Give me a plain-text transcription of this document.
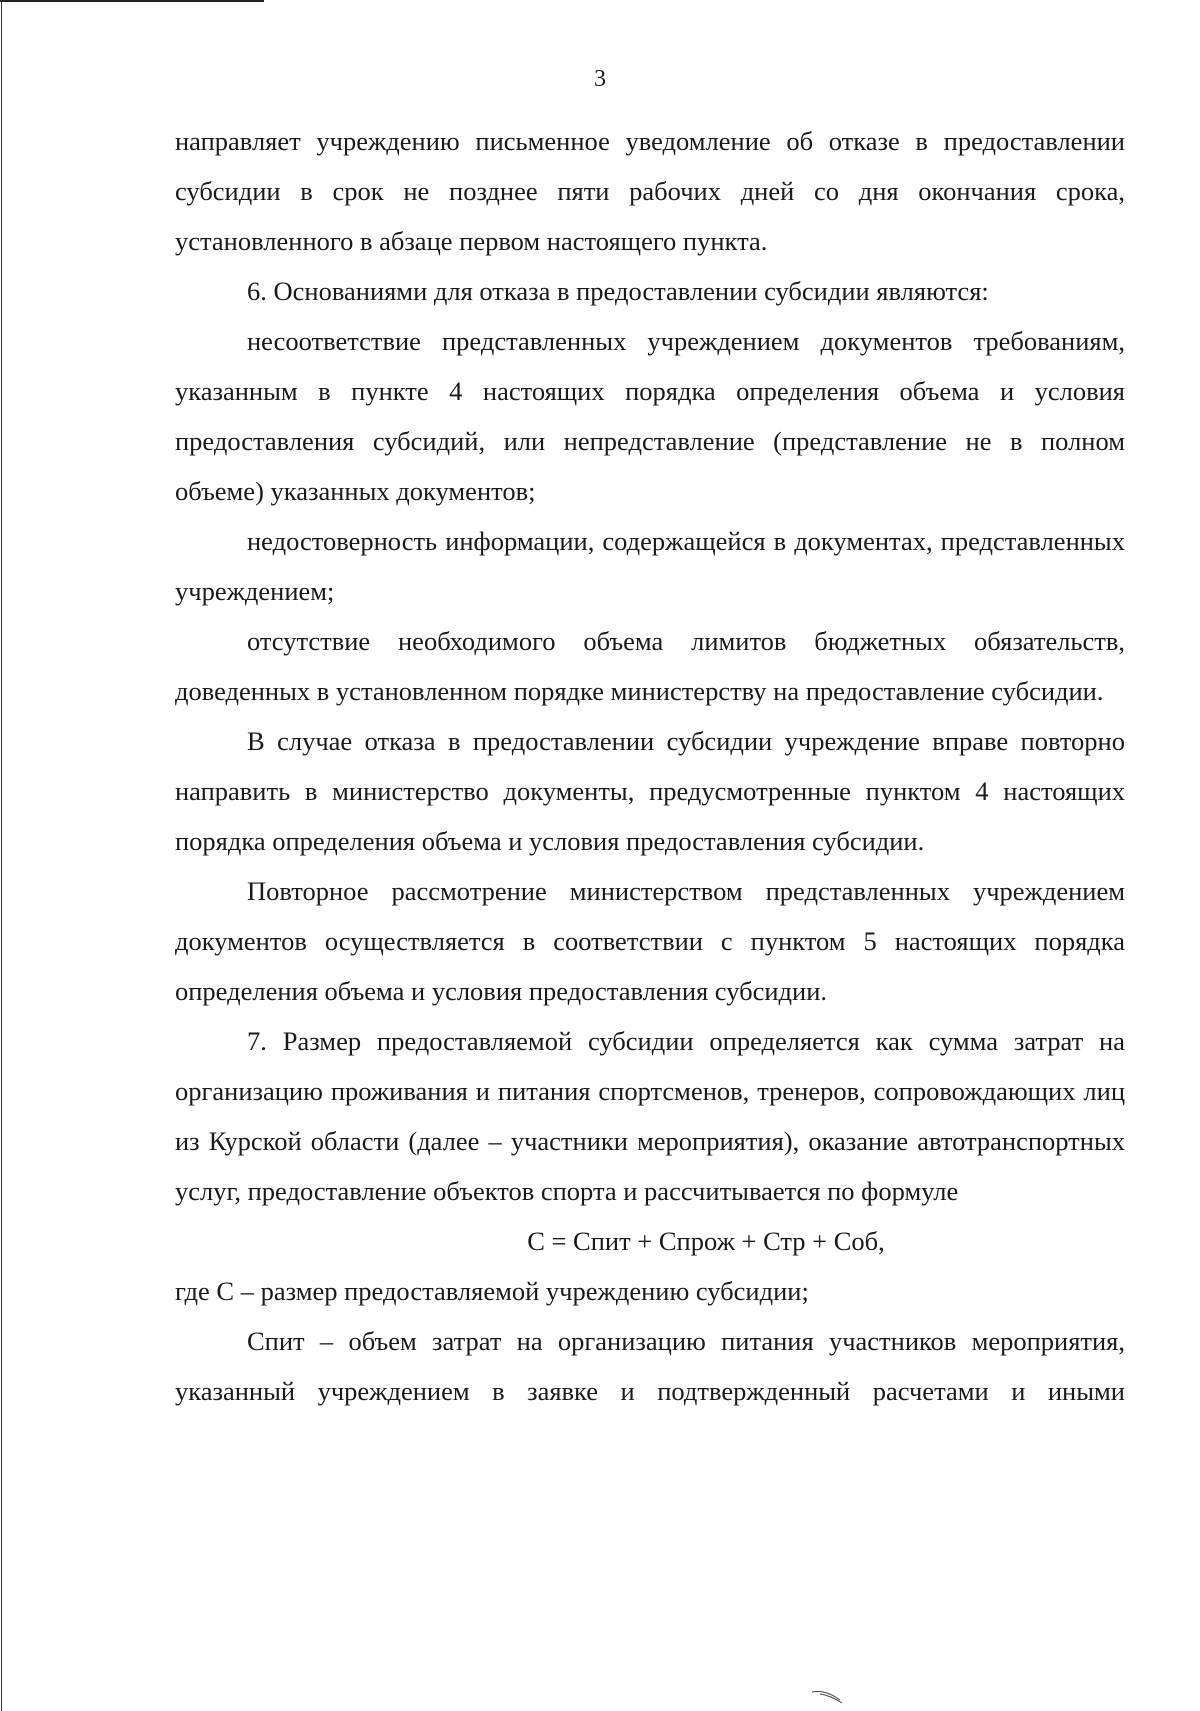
3

направляет учреждению письменное уведомление об отказе в предоставлении субсидии в срок не позднее пяти рабочих дней со дня окончания срока, установленного в абзаце первом настоящего пункта.

6. Основаниями для отказа в предоставлении субсидии являются:

несоответствие представленных учреждением документов требованиям, указанным в пункте 4 настоящих порядка определения объема и условия предоставления субсидий, или непредставление (представление не в полном объеме) указанных документов;

недостоверность информации, содержащейся в документах, представленных учреждением;

отсутствие необходимого объема лимитов бюджетных обязательств, доведенных в установленном порядке министерству на предоставление субсидии.

В случае отказа в предоставлении субсидии учреждение вправе повторно направить в министерство документы, предусмотренные пунктом 4 настоящих порядка определения объема и условия предоставления субсидии.

Повторное рассмотрение министерством представленных учреждением документов осуществляется в соответствии с пунктом 5 настоящих порядка определения объема и условия предоставления субсидии.

7. Размер предоставляемой субсидии определяется как сумма затрат на организацию проживания и питания спортсменов, тренеров, сопровождающих лиц из Курской области (далее – участники мероприятия), оказание автотранспортных услуг, предоставление объектов спорта и рассчитывается по формуле

С = Спит + Спрож + Стр + Соб,

где С – размер предоставляемой учреждению субсидии;

Спит – объем затрат на организацию питания участников мероприятия, указанный учреждением в заявке и подтвержденный расчетами и иными
